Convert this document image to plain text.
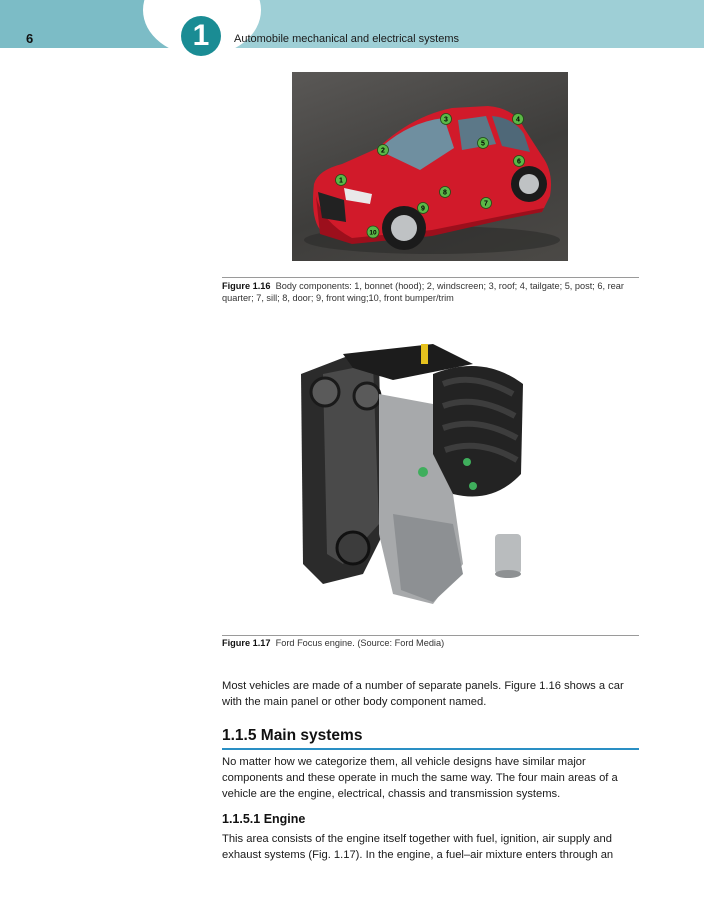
6	1	Automobile mechanical and electrical systems
1
2
3	4
5
6
7
8
9
10
Figure 1.16 Body components: 1, bonnet (hood); 2, windscreen; 3, roof; 4, tailgate; 5, post; 6, rear quarter; 7, sill; 8, door; 9, front wing;10, front bumper/trim
Figure 1.17 Ford Focus engine. (Source: Ford Media)
Most vehicles are made of a number of separate panels. Figure 1.16 shows a car with the main panel or other body component named.
1.1.5 Main systems
No matter how we categorize them, all vehicle designs have similar major components and these operate in much the same way. The four main areas of a vehicle are the engine, electrical, chassis and transmission systems.
1.1.5.1 Engine
This area consists of the engine itself together with fuel, ignition, air supply and exhaust systems (Fig. 1.17). In the engine, a fuel–air mixture enters through an
